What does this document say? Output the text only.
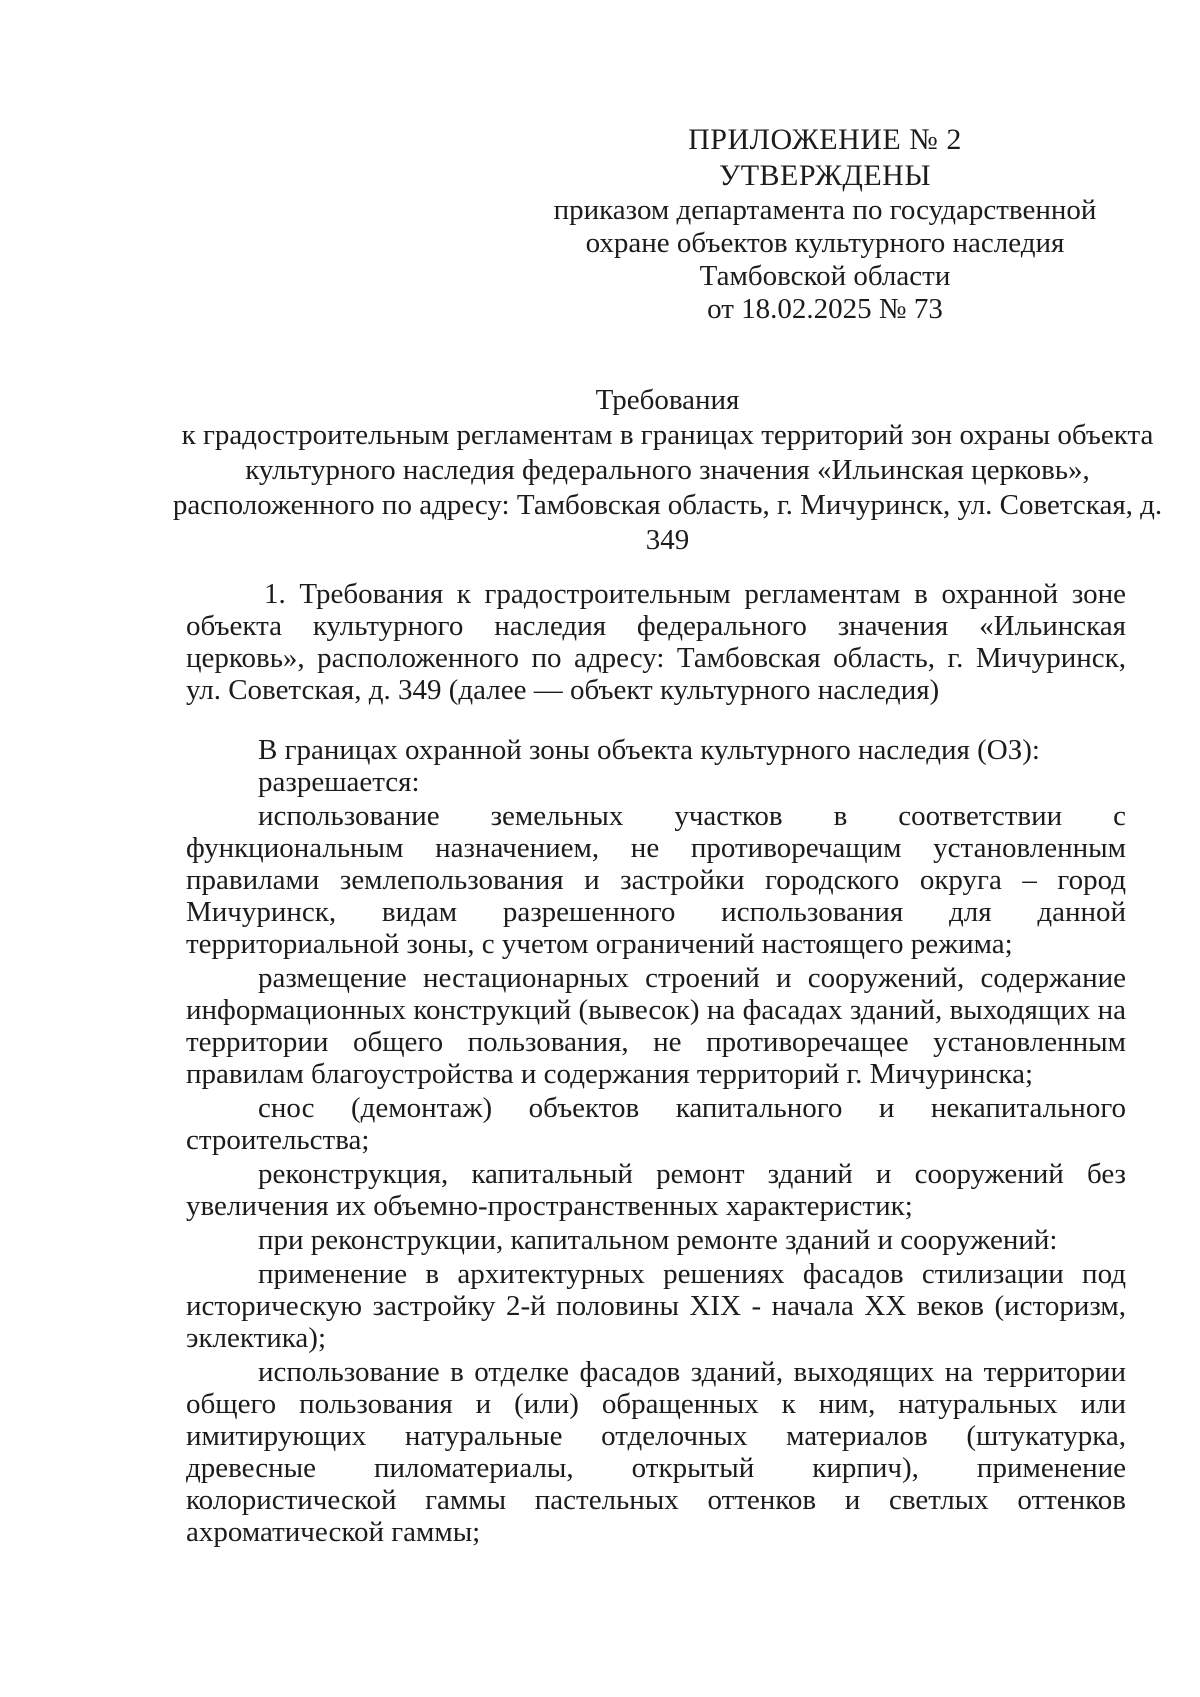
ПРИЛОЖЕНИЕ № 2
УТВЕРЖДЕНЫ
приказом департамента по государственной
охране объектов культурного наследия
Тамбовской области
от 18.02.2025 № 73
Требования
к градостроительным регламентам в границах территорий зон охраны объекта культурного наследия федерального значения «Ильинская церковь», расположенного по адресу: Тамбовская область, г. Мичуринск, ул. Советская, д. 349

1. Требования к градостроительным регламентам в охранной зоне объекта культурного наследия федерального значения «Ильинская церковь», расположенного по адресу: Тамбовская область, г. Мичуринск, ул. Советская, д. 349 (далее — объект культурного наследия)

В границах охранной зоны объекта культурного наследия (ОЗ):

разрешается:

использование земельных участков в соответствии с функциональным назначением, не противоречащим установленным правилами землепользования и застройки городского округа – город Мичуринск, видам разрешенного использования для данной территориальной зоны, с учетом ограничений настоящего режима;

размещение нестационарных строений и сооружений, содержание информационных конструкций (вывесок) на фасадах зданий, выходящих на территории общего пользования, не противоречащее установленным правилам благоустройства и содержания территорий г. Мичуринска;

снос (демонтаж) объектов капитального и некапитального строительства;

реконструкция, капитальный ремонт зданий и сооружений без увеличения их объемно-пространственных характеристик;

при реконструкции, капитальном ремонте зданий и сооружений:

применение в архитектурных решениях фасадов стилизации под историческую застройку 2-й половины XIX - начала XX веков (историзм, эклектика);

использование в отделке фасадов зданий, выходящих на территории общего пользования и (или) обращенных к ним, натуральных или имитирующих натуральные отделочных материалов (штукатурка, древесные пиломатериалы, открытый кирпич), применение колористической гаммы пастельных оттенков и светлых оттенков ахроматической гаммы;
